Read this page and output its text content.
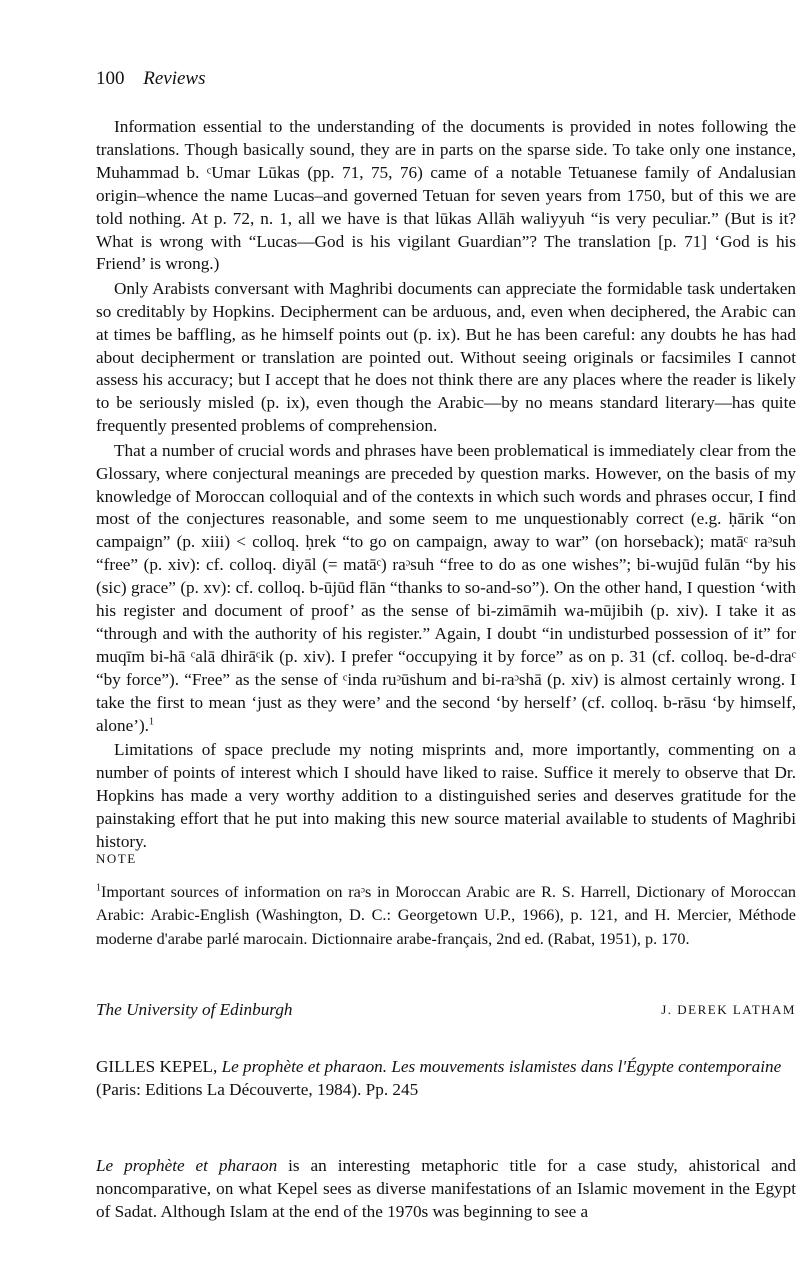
100 Reviews

Information essential to the understanding of the documents is provided in notes following the translations. Though basically sound, they are in parts on the sparse side. To take only one instance, Muhammad b. ᶜUmar Lūkas (pp. 71, 75, 76) came of a notable Tetuanese family of Andalusian origin–whence the name Lucas–and governed Tetuan for seven years from 1750, but of this we are told nothing. At p. 72, n. 1, all we have is that lūkas Allāh waliyyuh “is very peculiar.” (But is it? What is wrong with “Lucas—God is his vigilant Guardian”? The translation [p. 71] ‘God is his Friend’ is wrong.)

Only Arabists conversant with Maghribi documents can appreciate the formidable task undertaken so creditably by Hopkins. Decipherment can be arduous, and, even when deciphered, the Arabic can at times be baffling, as he himself points out (p. ix). But he has been careful: any doubts he has had about decipherment or translation are pointed out. Without seeing originals or facsimiles I cannot assess his accuracy; but I accept that he does not think there are any places where the reader is likely to be seriously misled (p. ix), even though the Arabic—by no means standard literary—has quite frequently presented problems of comprehension.

That a number of crucial words and phrases have been problematical is immediately clear from the Glossary, where conjectural meanings are preceded by question marks. However, on the basis of my knowledge of Moroccan colloquial and of the contexts in which such words and phrases occur, I find most of the conjectures reasonable, and some seem to me unquestionably correct (e.g. ḥārik “on campaign” (p. xiii) < colloq. ḥrek “to go on campaign, away to war” (on horseback); matāᶜ raᵓsuh “free” (p. xiv): cf. colloq. diyāl (= matāᶜ) raᵓsuh “free to do as one wishes”; bi-wujūd fulān “by his (sic) grace” (p. xv): cf. colloq. b-ūjūd flān “thanks to so-and-so”). On the other hand, I question ‘with his register and document of proof’ as the sense of bi-zimāmih wa-mūjibih (p. xiv). I take it as “through and with the authority of his register.” Again, I doubt “in undisturbed possession of it” for muqīm bi-hā ᶜalā dhirāᶜik (p. xiv). I prefer “occupying it by force” as on p. 31 (cf. colloq. be-d-draᶜ “by force”). “Free” as the sense of ᶜinda ruᵓūshum and bi-raᵓshā (p. xiv) is almost certainly wrong. I take the first to mean ‘just as they were’ and the second ‘by herself’ (cf. colloq. b-rāsu ‘by himself, alone’).$^1$

Limitations of space preclude my noting misprints and, more importantly, commenting on a number of points of interest which I should have liked to raise. Suffice it merely to observe that Dr. Hopkins has made a very worthy addition to a distinguished series and deserves gratitude for the painstaking effort that he put into making this new source material available to students of Maghribi history.

NOTE
$^1$Important sources of information on raᵓs in Moroccan Arabic are R. S. Harrell, Dictionary of Moroccan Arabic: Arabic-English (Washington, D. C.: Georgetown U.P., 1966), p. 121, and H. Mercier, Méthode moderne d'arabe parlé marocain. Dictionnaire arabe-français, 2nd ed. (Rabat, 1951), p. 170.
The University of Edinburgh	J. DEREK LATHAM
GILLES KEPEL, Le prophète et pharaon. Les mouvements islamistes dans l'Égypte contemporaine (Paris: Editions La Découverte, 1984). Pp. 245
Le prophète et pharaon is an interesting metaphoric title for a case study, ahistorical and noncomparative, on what Kepel sees as diverse manifestations of an Islamic movement in the Egypt of Sadat. Although Islam at the end of the 1970s was beginning to see a
